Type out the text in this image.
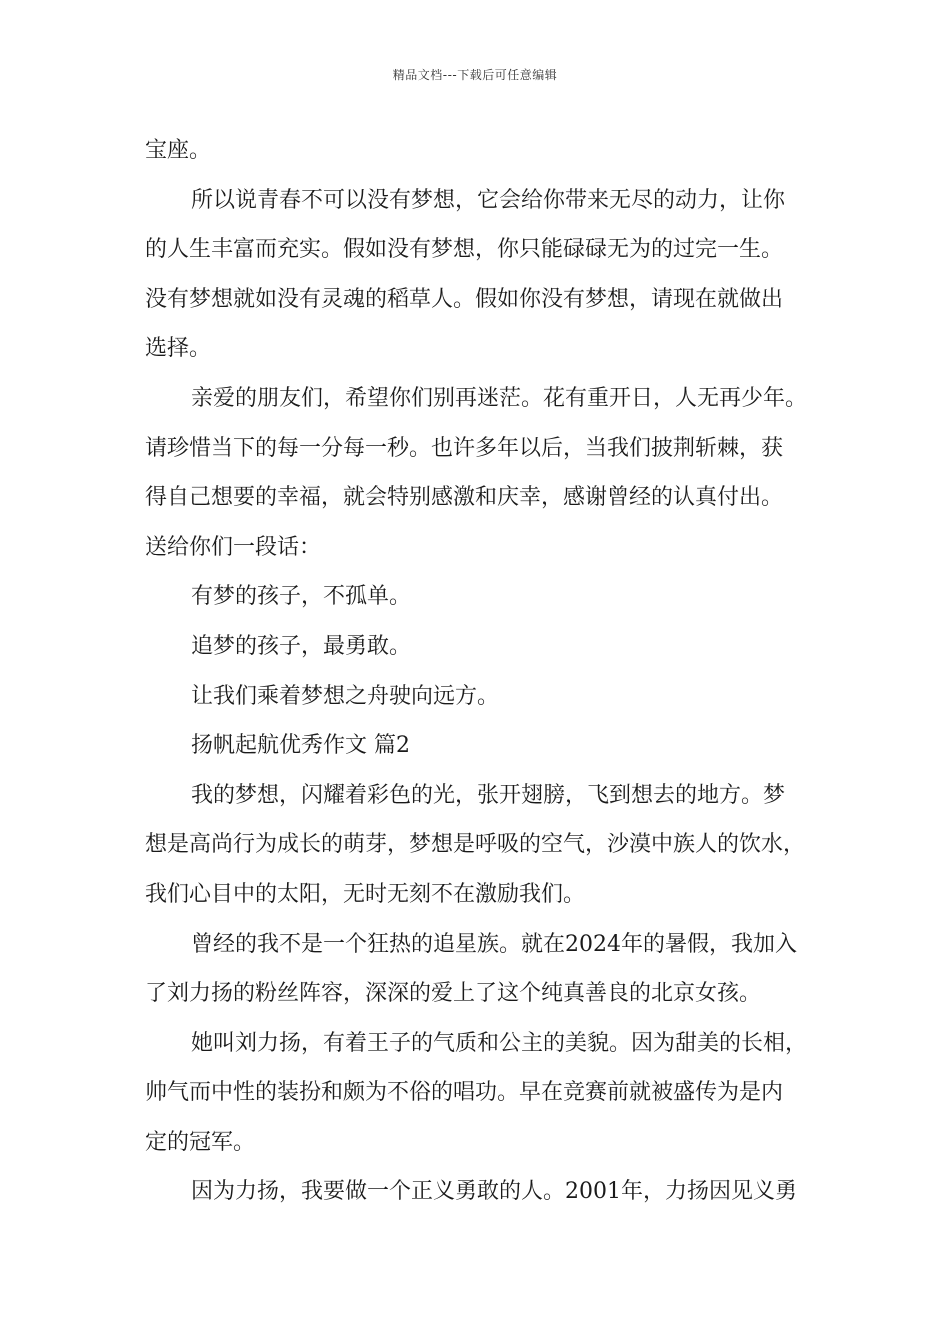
精品文档---下载后可任意编辑
宝座。
所以说青春不可以没有梦想，它会给你带来无尽的动力，让你
的人生丰富而充实。假如没有梦想，你只能碌碌无为的过完一生。
没有梦想就如没有灵魂的稻草人。假如你没有梦想，请现在就做出
选择。
亲爱的朋友们，希望你们别再迷茫。花有重开日，人无再少年。
请珍惜当下的每一分每一秒。也许多年以后，当我们披荆斩棘，获
得自己想要的幸福，就会特别感激和庆幸，感谢曾经的认真付出。
送给你们一段话：
有梦的孩子，不孤单。
追梦的孩子，最勇敢。
让我们乘着梦想之舟驶向远方。
扬帆起航优秀作文 篇2
我的梦想，闪耀着彩色的光，张开翅膀，飞到想去的地方。梦
想是高尚行为成长的萌芽，梦想是呼吸的空气，沙漠中族人的饮水，
我们心目中的太阳，无时无刻不在激励我们。
曾经的我不是一个狂热的追星族。就在2024年的暑假，我加入
了刘力扬的粉丝阵容，深深的爱上了这个纯真善良的北京女孩。
她叫刘力扬，有着王子的气质和公主的美貌。因为甜美的长相，
帅气而中性的装扮和颇为不俗的唱功。早在竞赛前就被盛传为是内
定的冠军。
因为力扬，我要做一个正义勇敢的人。2001年，力扬因见义勇
